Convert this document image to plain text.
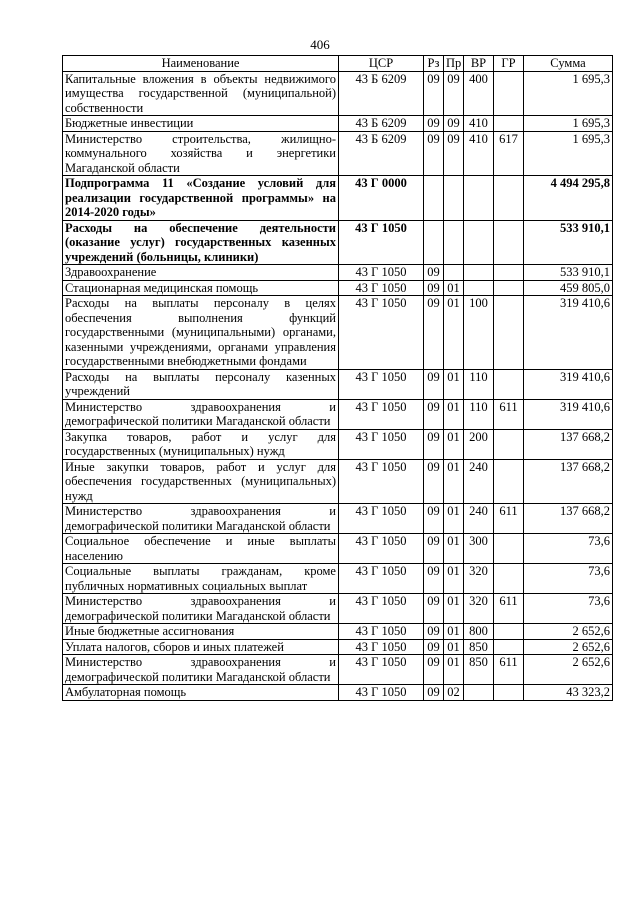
406
Наименование	ЦСР	Рз	Пр	ВР	ГР	Сумма
Капитальные вложения в объекты недвижимого имущества государственной (муниципальной) собственности	43 Б 6209	09	09	400		1 695,3
Бюджетные инвестиции	43 Б 6209	09	09	410		1 695,3
Министерство строительства, жилищно-коммунального хозяйства и энергетики Магаданской области	43 Б 6209	09	09	410	617	1 695,3
Подпрограмма 11 «Создание условий для реализации государственной программы» на 2014-2020 годы»	43 Г 0000					4 494 295,8
Расходы на обеспечение деятельности (оказание услуг) государственных казенных учреждений (больницы, клиники)	43 Г 1050					533 910,1
Здравоохранение	43 Г 1050	09				533 910,1
Стационарная медицинская помощь	43 Г 1050	09	01			459 805,0
Расходы на выплаты персоналу в целях обеспечения выполнения функций государственными (муниципальными) органами, казенными учреждениями, органами управления государственными внебюджетными фондами	43 Г 1050	09	01	100		319 410,6
Расходы на выплаты персоналу казенных учреждений	43 Г 1050	09	01	110		319 410,6
Министерство здравоохранения и демографической политики Магаданской области	43 Г 1050	09	01	110	611	319 410,6
Закупка товаров, работ и услуг для государственных (муниципальных) нужд	43 Г 1050	09	01	200		137 668,2
Иные закупки товаров, работ и услуг для обеспечения государственных (муниципальных) нужд	43 Г 1050	09	01	240		137 668,2
Министерство здравоохранения и демографической политики Магаданской области	43 Г 1050	09	01	240	611	137 668,2
Социальное обеспечение и иные выплаты населению	43 Г 1050	09	01	300		73,6
Социальные выплаты гражданам, кроме публичных нормативных социальных выплат	43 Г 1050	09	01	320		73,6
Министерство здравоохранения и демографической политики Магаданской области	43 Г 1050	09	01	320	611	73,6
Иные бюджетные ассигнования	43 Г 1050	09	01	800		2 652,6
Уплата налогов, сборов и иных платежей	43 Г 1050	09	01	850		2 652,6
Министерство здравоохранения и демографической политики Магаданской области	43 Г 1050	09	01	850	611	2 652,6
Амбулаторная помощь	43 Г 1050	09	02			43 323,2
